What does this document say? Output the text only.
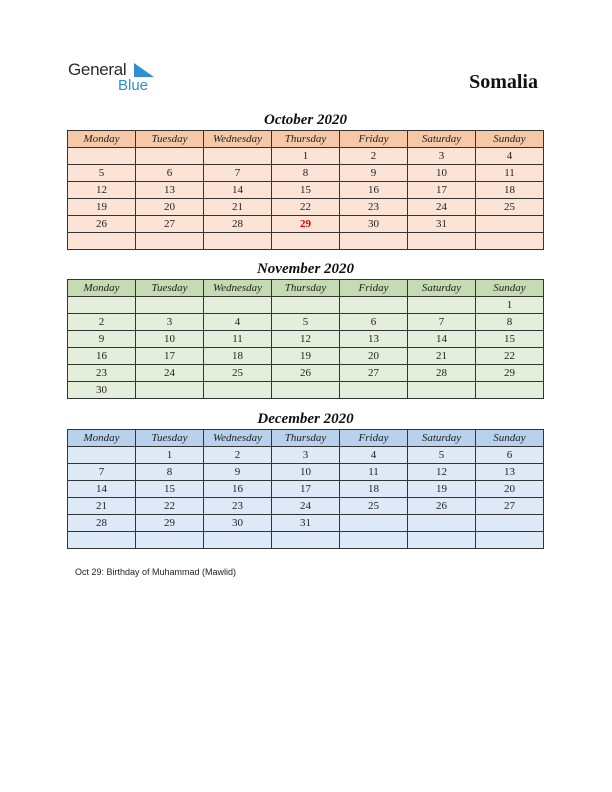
General
Blue	Somalia
October 2020
Monday	Tuesday	Wednesday	Thursday	Friday	Saturday	Sunday
			1	2	3	4
5	6	7	8	9	10	11
12	13	14	15	16	17	18
19	20	21	22	23	24	25
26	27	28	29	30	31	

November 2020
Monday	Tuesday	Wednesday	Thursday	Friday	Saturday	Sunday
						1
2	3	4	5	6	7	8
9	10	11	12	13	14	15
16	17	18	19	20	21	22
23	24	25	26	27	28	29
30						
December 2020
Monday	Tuesday	Wednesday	Thursday	Friday	Saturday	Sunday
	1	2	3	4	5	6
7	8	9	10	11	12	13
14	15	16	17	18	19	20
21	22	23	24	25	26	27
28	29	30	31			

Oct 29: Birthday of Muhammad (Mawlid)
